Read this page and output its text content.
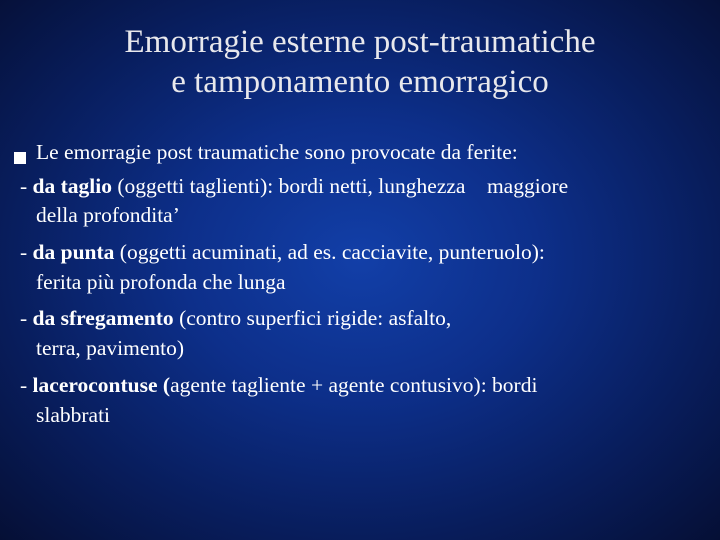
Emorragie esterne post-traumatiche
e tamponamento emorragico
Le emorragie post traumatiche sono provocate da ferite:
- da taglio (oggetti taglienti): bordi netti, lunghezza    maggiore
della profondita’
- da punta (oggetti acuminati, ad es. cacciavite, punteruolo):
ferita più profonda che lunga
- da sfregamento (contro superfici rigide: asfalto,
terra, pavimento)
- lacerocontuse (agente tagliente + agente contusivo): bordi
slabbrati
